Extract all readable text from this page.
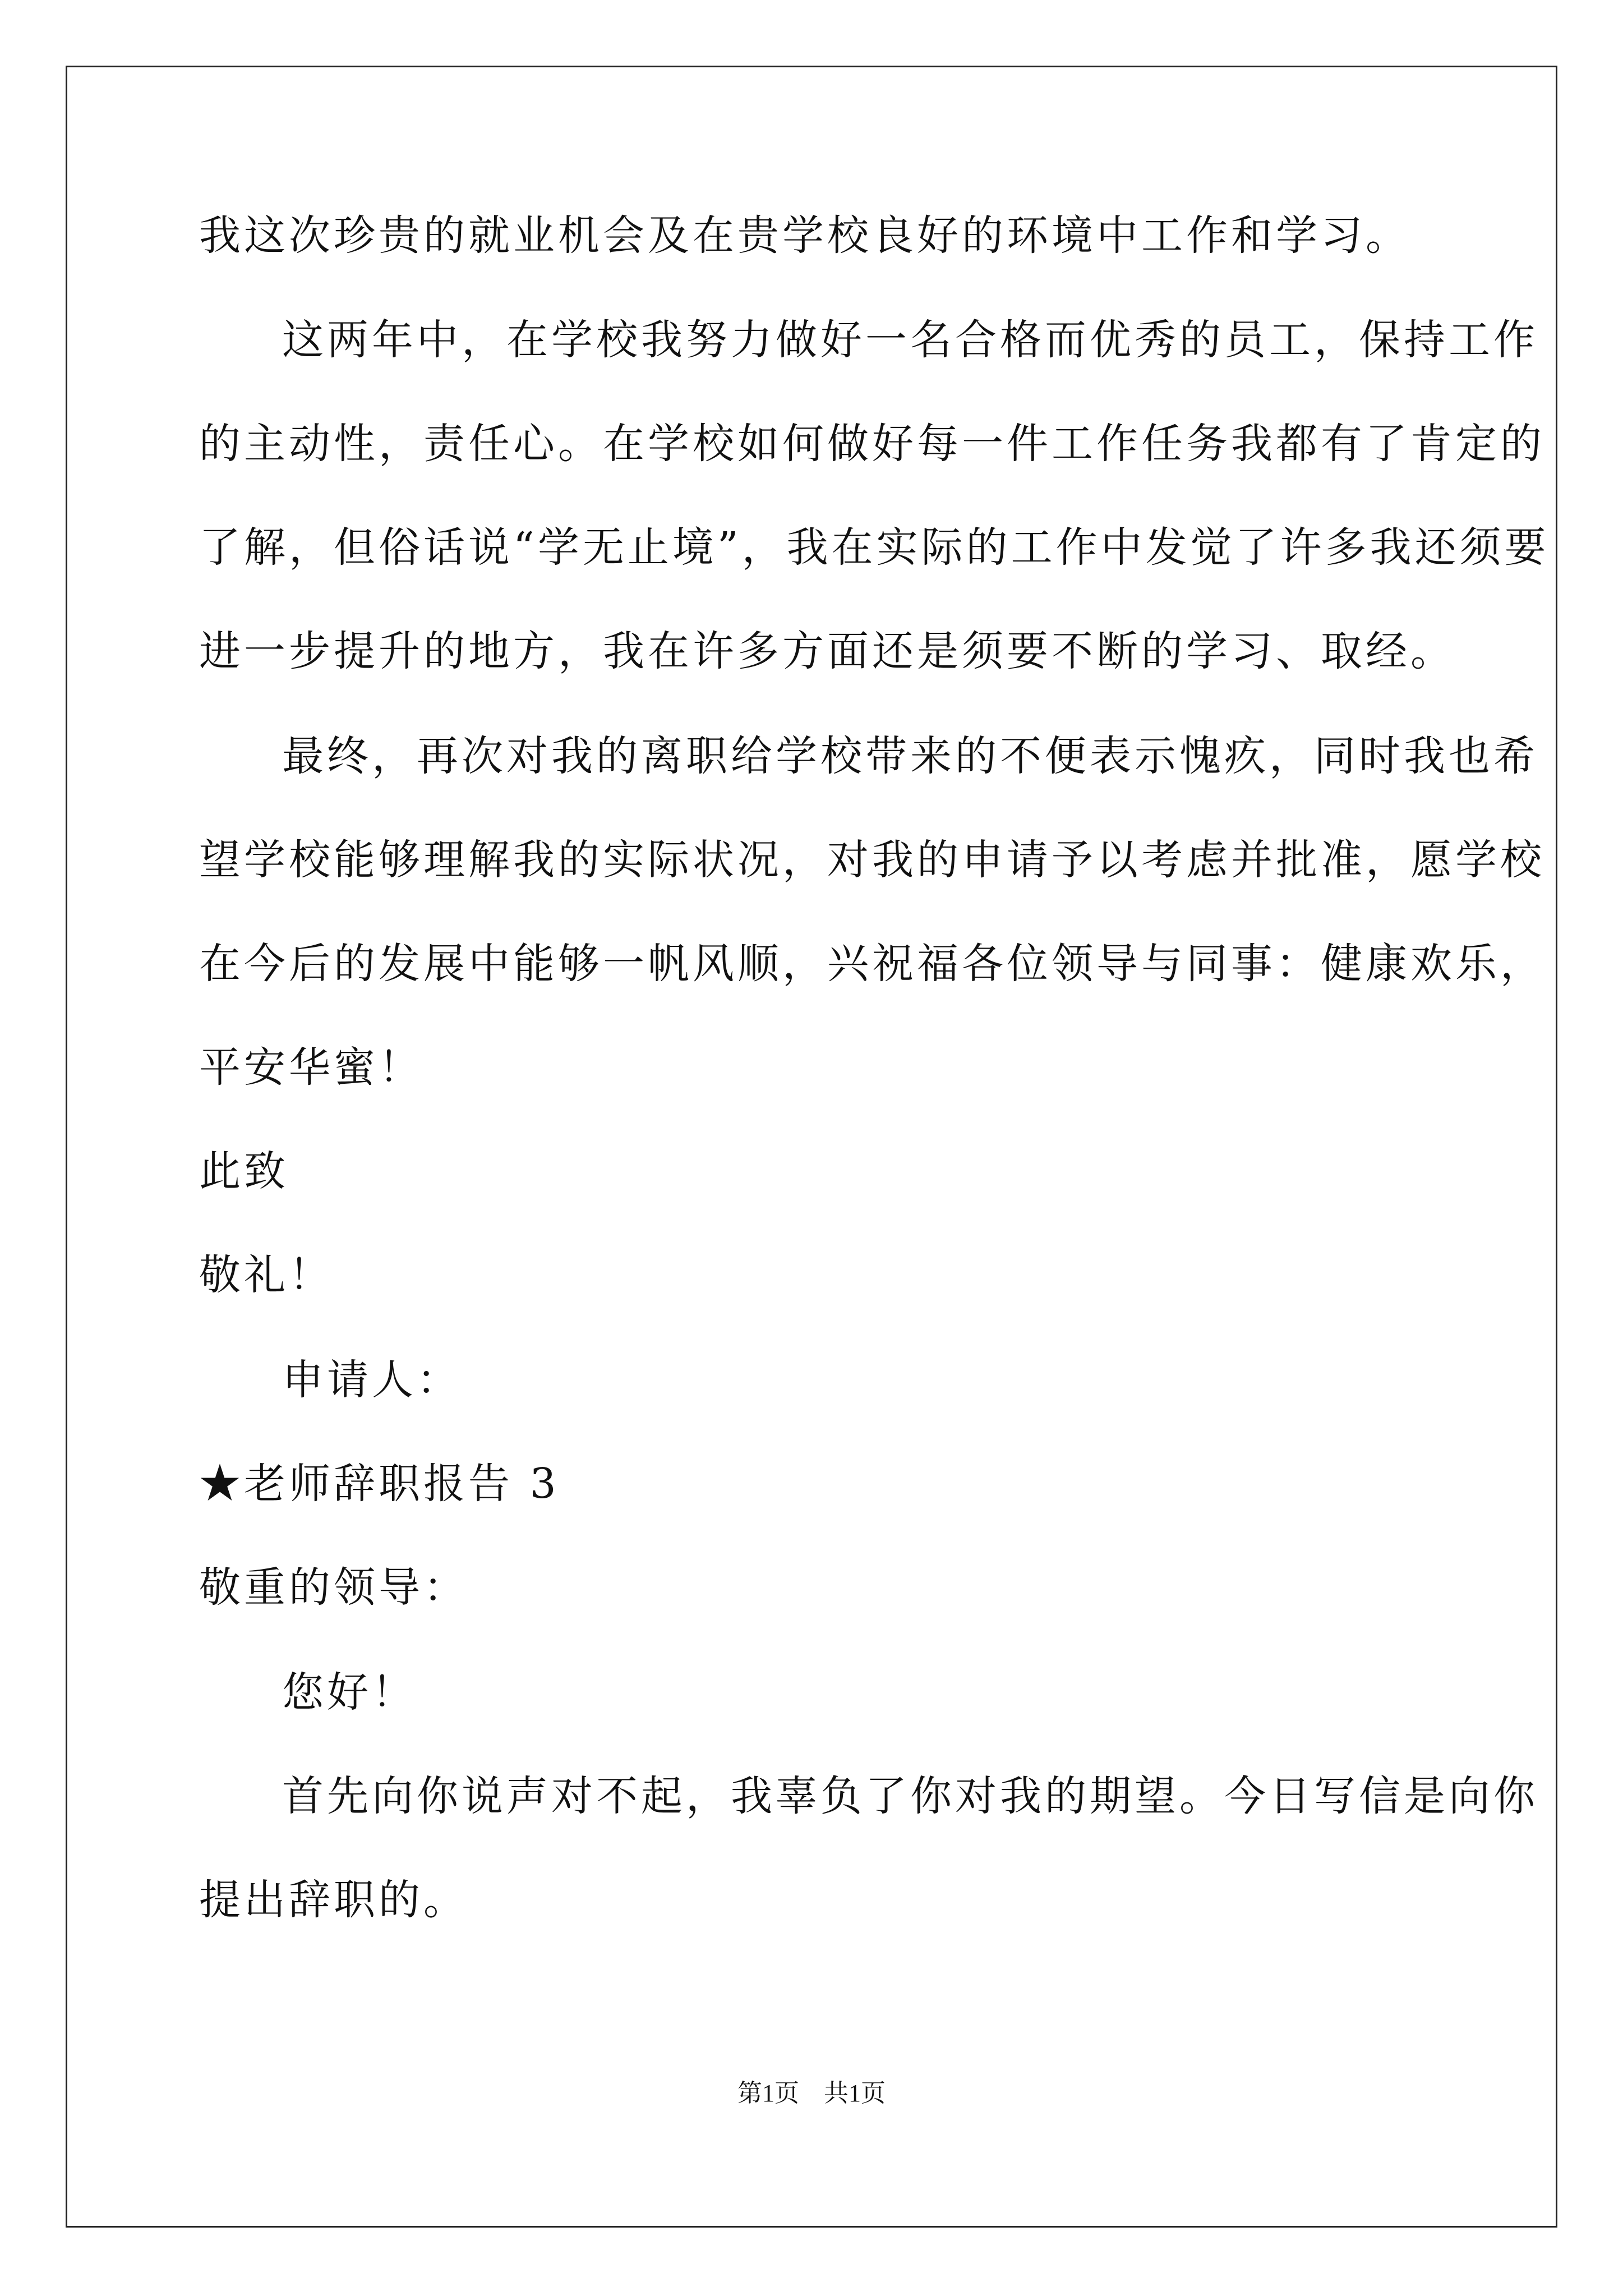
我这次珍贵的就业机会及在贵学校良好的环境中工作和学习。
这两年中，在学校我努力做好一名合格而优秀的员工，保持工作
的主动性，责任心。在学校如何做好每一件工作任务我都有了肯定的
了解，但俗话说“学无止境”，我在实际的工作中发觉了许多我还须要
进一步提升的地方，我在许多方面还是须要不断的学习、取经。
最终，再次对我的离职给学校带来的不便表示愧疚，同时我也希
望学校能够理解我的实际状况，对我的申请予以考虑并批准，愿学校
在今后的发展中能够一帆风顺，兴祝福各位领导与同事：健康欢乐，
平安华蜜！
此致
敬礼！
申请人：
★老师辞职报告 3
敬重的领导：
您好！
首先向你说声对不起，我辜负了你对我的期望。今日写信是向你
提出辞职的。
第1页　共1页
